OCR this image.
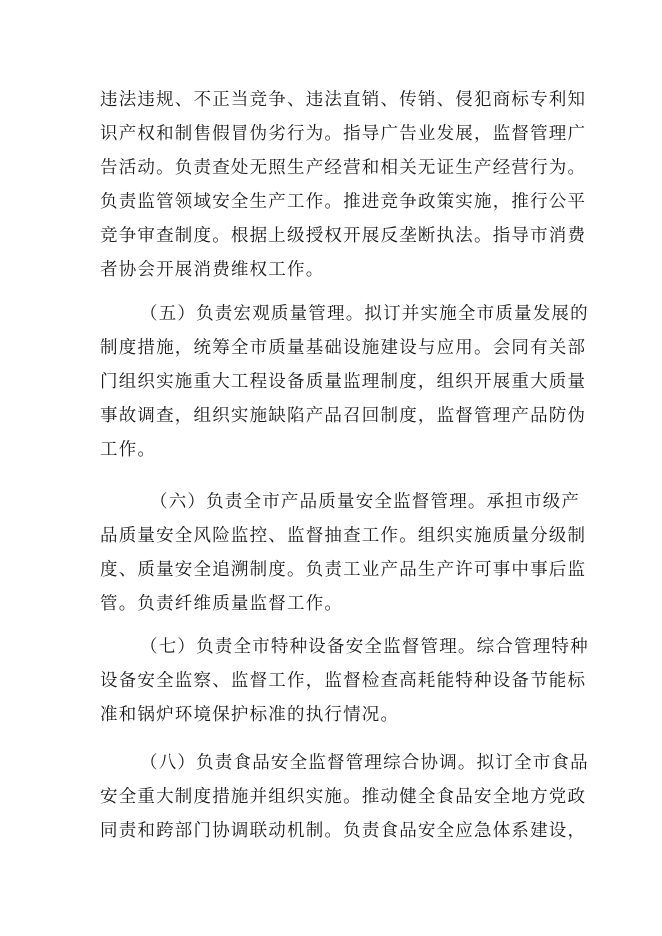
违法违规、不正当竞争、违法直销、传销、侵犯商标专利知
识产权和制售假冒伪劣行为。指导广告业发展，监督管理广
告活动。负责查处无照生产经营和相关无证生产经营行为。
负责监管领域安全生产工作。推进竞争政策实施，推行公平
竞争审查制度。根据上级授权开展反垄断执法。指导市消费
者协会开展消费维权工作。
（五）负责宏观质量管理。拟订并实施全市质量发展的
制度措施，统筹全市质量基础设施建设与应用。会同有关部
门组织实施重大工程设备质量监理制度，组织开展重大质量
事故调查，组织实施缺陷产品召回制度，监督管理产品防伪
工作。
（六）负责全市产品质量安全监督管理。承担市级产
品质量安全风险监控、监督抽查工作。组织实施质量分级制
度、质量安全追溯制度。负责工业产品生产许可事中事后监
管。负责纤维质量监督工作。
（七）负责全市特种设备安全监督管理。综合管理特种
设备安全监察、监督工作，监督检查高耗能特种设备节能标
准和锅炉环境保护标准的执行情况。
（八）负责食品安全监督管理综合协调。拟订全市食品
安全重大制度措施并组织实施。推动健全食品安全地方党政
同责和跨部门协调联动机制。负责食品安全应急体系建设，
